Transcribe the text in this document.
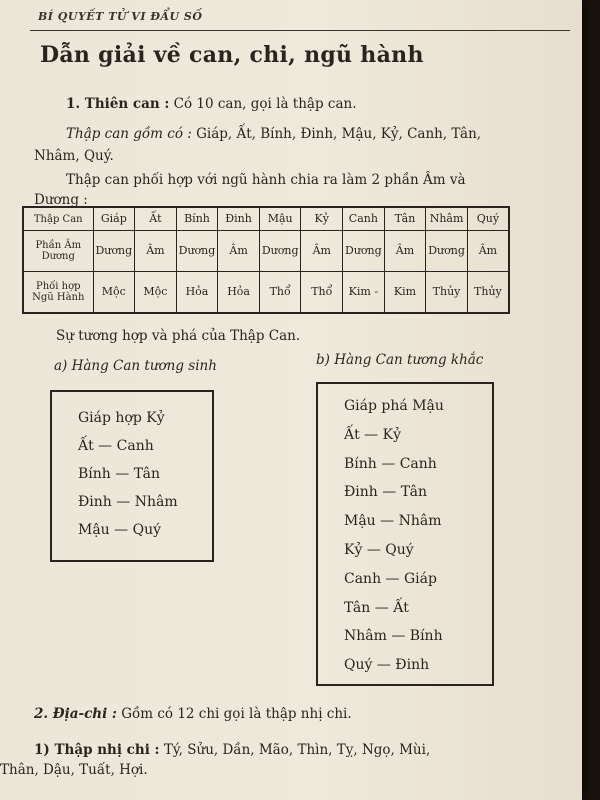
BÍ QUYẾT TỬ VI ĐẨU SỐ
Dẫn giải về can, chi, ngũ hành
1. Thiên can : Có 10 can, gọi là thập can.
Thập can gồm có : Giáp, Ất, Bính, Đinh, Mậu, Kỷ, Canh, Tân,
Nhâm, Quý.
Thập can phối hợp với ngũ hành chia ra làm 2 phần Âm và
Dương :
Thập Can	Giáp	Ất	Bính	Đinh	Mậu	Kỷ	Canh	Tân	Nhâm	Quý
Phần Âm Dương	Dương	Âm	Dương	Âm	Dương	Âm	Dương	Âm	Dương	Âm
Phối hợp Ngũ Hành	Mộc	Mộc	Hỏa	Hỏa	Thổ	Thổ	Kim -	Kim	Thủy	Thủy
Sự tương hợp và phá của Thập Can.
a) Hàng Can tương sinh	b) Hàng Can tương khắc
Giáp hợp Kỷ
Ất — Canh
Bính — Tân
Đinh — Nhâm
Mậu — Quý
Giáp phá Mậu
Ất — Kỷ
Bính — Canh
Đinh — Tân
Mậu — Nhâm
Kỷ — Quý
Canh — Giáp
Tân — Ất
Nhâm — Bính
Quý — Đinh
2. Địa-chi : Gồm có 12 chi gọi là thập nhị chi.
1) Thập nhị chi : Tý, Sửu, Dần, Mão, Thìn, Tỵ, Ngọ, Mùi,
Thân, Dậu, Tuất, Hợi.
